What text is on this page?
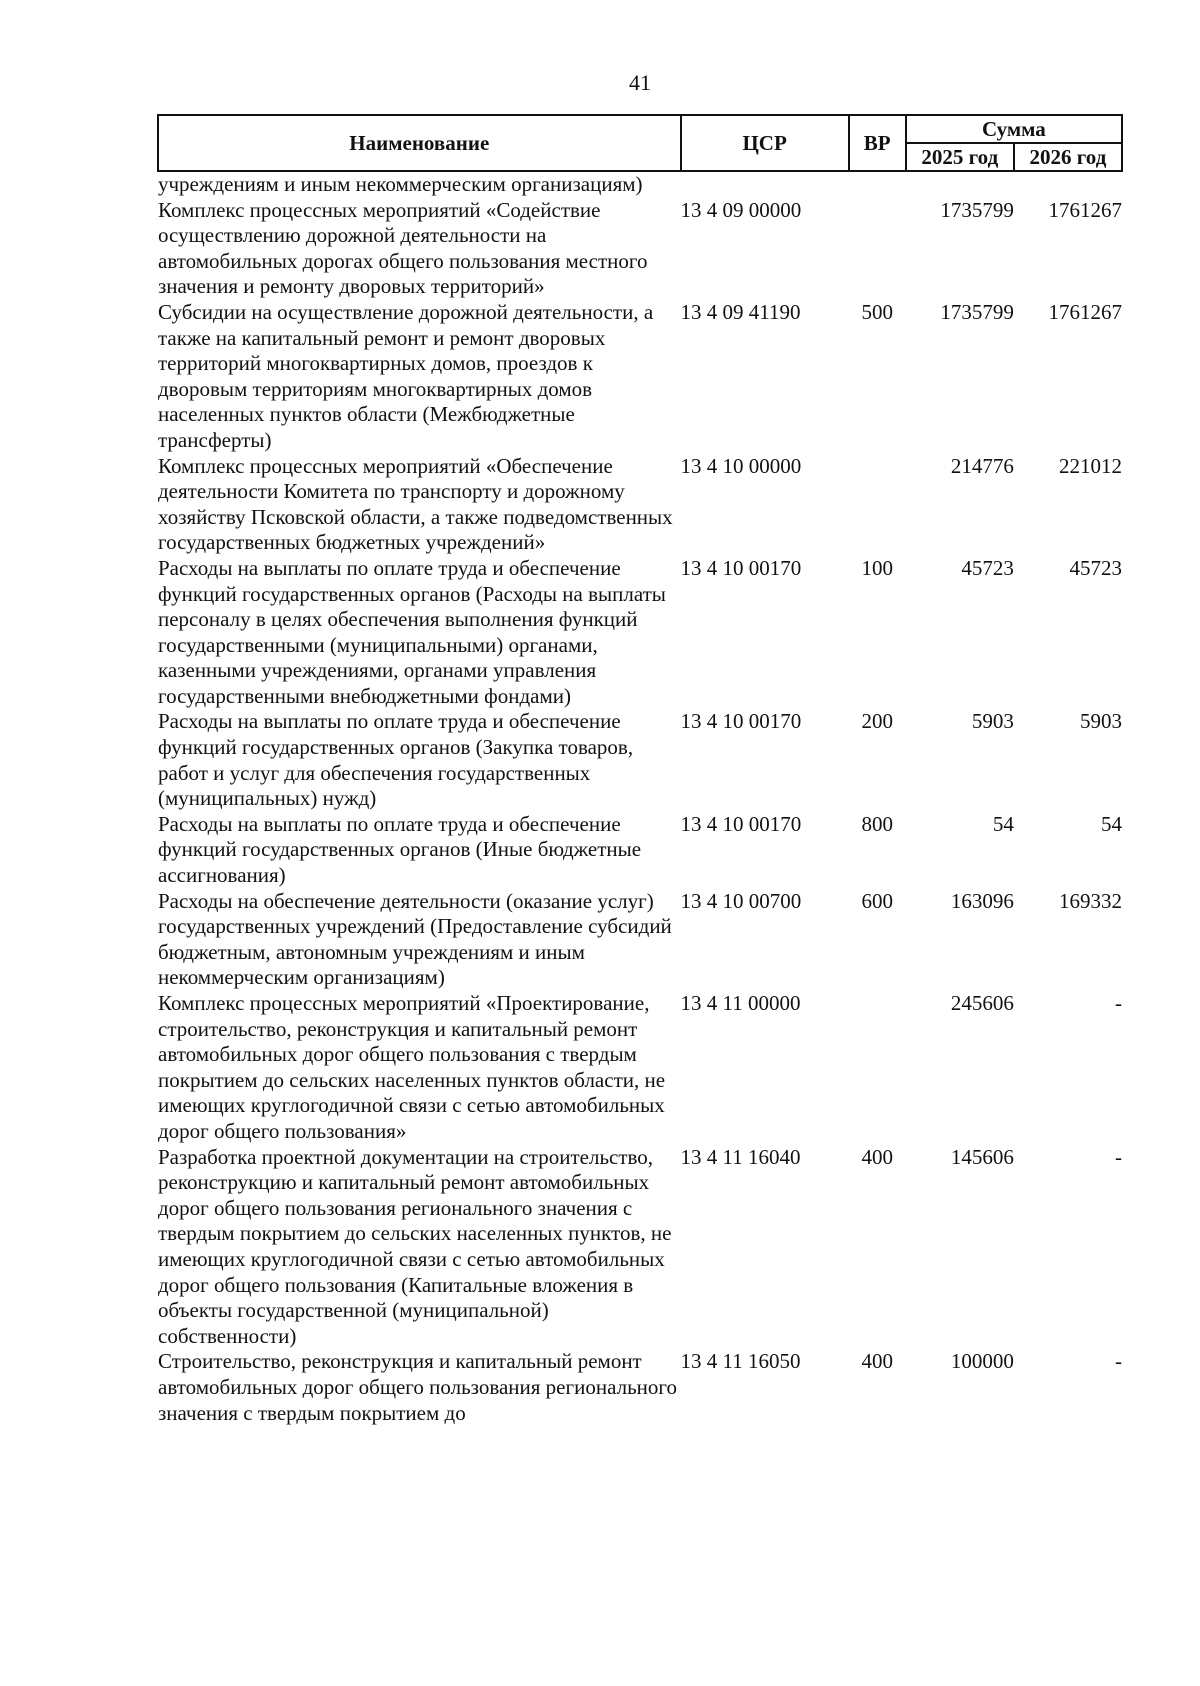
41
Наименование	ЦСР	ВР	Сумма	
			2025 год	2026 год
учреждениям и иным некоммерческим организациям)				
Комплекс процессных мероприятий «Содействие осуществлению дорожной деятельности на автомобильных дорогах общего пользования местного значения и ремонту дворовых территорий»	13 4 09 00000		1735799	1761267
Субсидии на осуществление дорожной деятельности, а также на капитальный ремонт и ремонт дворовых территорий многоквартирных домов, проездов к дворовым территориям многоквартирных домов населенных пунктов области (Межбюджетные трансферты)	13 4 09 41190	500	1735799	1761267
Комплекс процессных мероприятий «Обеспечение деятельности Комитета по транспорту и дорожному хозяйству Псковской области, а также подведомственных государственных бюджетных учреждений»	13 4 10 00000		214776	221012
Расходы на выплаты по оплате труда и обеспечение функций государственных органов (Расходы на выплаты персоналу в целях обеспечения выполнения функций государственными (муниципальными) органами, казенными учреждениями, органами управления государственными внебюджетными фондами)	13 4 10 00170	100	45723	45723
Расходы на выплаты по оплате труда и обеспечение функций государственных органов (Закупка товаров, работ и услуг для обеспечения государственных (муниципальных) нужд)	13 4 10 00170	200	5903	5903
Расходы на выплаты по оплате труда и обеспечение функций государственных органов (Иные бюджетные ассигнования)	13 4 10 00170	800	54	54
Расходы на обеспечение деятельности (оказание услуг) государственных учреждений (Предоставление субсидий бюджетным, автономным учреждениям и иным некоммерческим организациям)	13 4 10 00700	600	163096	169332
Комплекс процессных мероприятий «Проектирование, строительство, реконструкция и капитальный ремонт автомобильных дорог общего пользования с твердым покрытием до сельских населенных пунктов области, не имеющих круглогодичной связи с сетью автомобильных дорог общего пользования»	13 4 11 00000		245606	-
Разработка проектной документации на строительство, реконструкцию и капитальный ремонт автомобильных дорог общего пользования регионального значения с твердым покрытием до сельских населенных пунктов, не имеющих круглогодичной связи с сетью автомобильных дорог общего пользования (Капитальные вложения в объекты государственной (муниципальной) собственности)	13 4 11 16040	400	145606	-
Строительство, реконструкция и капитальный ремонт автомобильных дорог общего пользования регионального значения с твердым покрытием до	13 4 11 16050	400	100000	-
